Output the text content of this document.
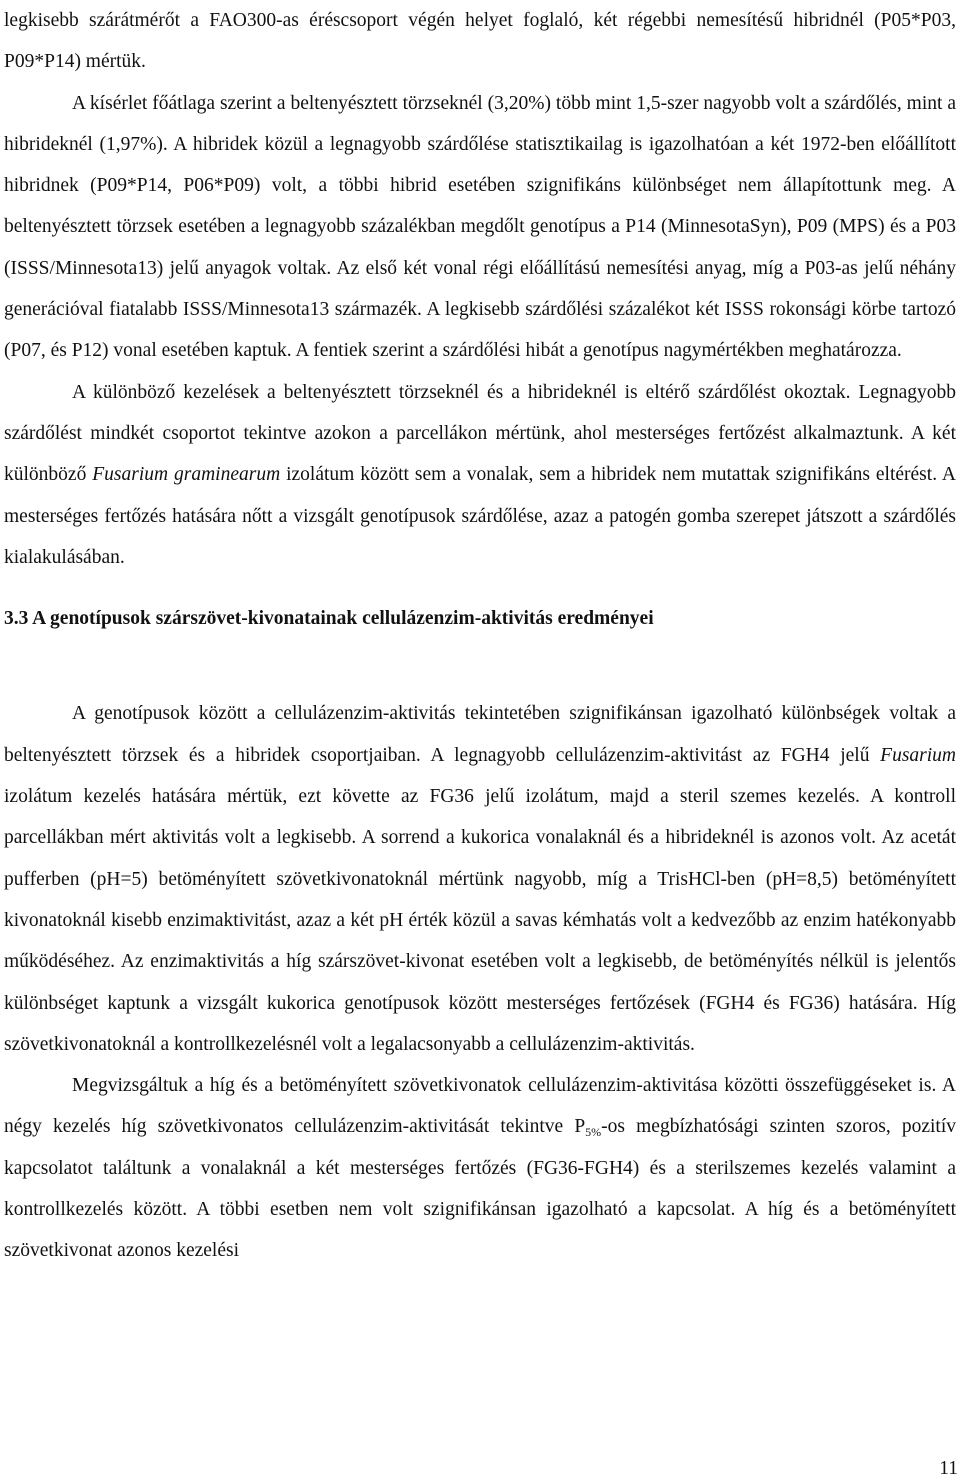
legkisebb szárátmérőt a FAO300-as éréscsoport végén helyet foglaló, két régebbi nemesítésű hibridnél (P05*P03, P09*P14) mértük.

A kísérlet főátlaga szerint a beltenyésztett törzseknél (3,20%) több mint 1,5-szer nagyobb volt a szárdőlés, mint a hibrideknél (1,97%). A hibridek közül a legnagyobb szárdőlése statisztikailag is igazolhatóan a két 1972-ben előállított hibridnek (P09*P14, P06*P09) volt, a többi hibrid esetében szignifikáns különbséget nem állapítottunk meg. A beltenyésztett törzsek esetében a legnagyobb százalékban megdőlt genotípus a P14 (MinnesotaSyn), P09 (MPS) és a P03 (ISSS/Minnesota13) jelű anyagok voltak. Az első két vonal régi előállítású nemesítési anyag, míg a P03-as jelű néhány generációval fiatalabb ISSS/Minnesota13 származék. A legkisebb szárdőlési százalékot két ISSS rokonsági körbe tartozó (P07, és P12) vonal esetében kaptuk. A fentiek szerint a szárdőlési hibát a genotípus nagymértékben meghatározza.

A különböző kezelések a beltenyésztett törzseknél és a hibrideknél is eltérő szárdőlést okoztak. Legnagyobb szárdőlést mindkét csoportot tekintve azokon a parcellákon mértünk, ahol mesterséges fertőzést alkalmaztunk. A két különböző Fusarium graminearum izolátum között sem a vonalak, sem a hibridek nem mutattak szignifikáns eltérést. A mesterséges fertőzés hatására nőtt a vizsgált genotípusok szárdőlése, azaz a patogén gomba szerepet játszott a szárdőlés kialakulásában.

3.3 A genotípusok szárszövet-kivonatainak cellulázenzim-aktivitás eredményei

A genotípusok között a cellulázenzim-aktivitás tekintetében szignifikánsan igazolható különbségek voltak a beltenyésztett törzsek és a hibridek csoportjaiban. A legnagyobb cellulázenzim-aktivitást az FGH4 jelű Fusarium izolátum kezelés hatására mértük, ezt követte az FG36 jelű izolátum, majd a steril szemes kezelés. A kontroll parcellákban mért aktivitás volt a legkisebb. A sorrend a kukorica vonalaknál és a hibrideknél is azonos volt. Az acetát pufferben (pH=5) betöményített szövetkivonatoknál mértünk nagyobb, míg a TrisHCl-ben (pH=8,5) betöményített kivonatoknál kisebb enzimaktivitást, azaz a két pH érték közül a savas kémhatás volt a kedvezőbb az enzim hatékonyabb működéséhez. Az enzimaktivitás a híg szárszövet-kivonat esetében volt a legkisebb, de betöményítés nélkül is jelentős különbséget kaptunk a vizsgált kukorica genotípusok között mesterséges fertőzések (FGH4 és FG36) hatására. Híg szövetkivonatoknál a kontrollkezelésnél volt a legalacsonyabb a cellulázenzim-aktivitás.

Megvizsgáltuk a híg és a betöményített szövetkivonatok cellulázenzim-aktivitása közötti összefüggéseket is. A négy kezelés híg szövetkivonatos cellulázenzim-aktivitását tekintve $P_{5\%}-os$ megbízhatósági szinten szoros, pozitív kapcsolatot találtunk a vonalaknál a két mesterséges fertőzés (FG36-FGH4) és a sterilszemes kezelés valamint a kontrollkezelés között. A többi esetben nem volt szignifikánsan igazolható a kapcsolat. A híg és a betöményített szövetkivonat azonos kezelési

11
